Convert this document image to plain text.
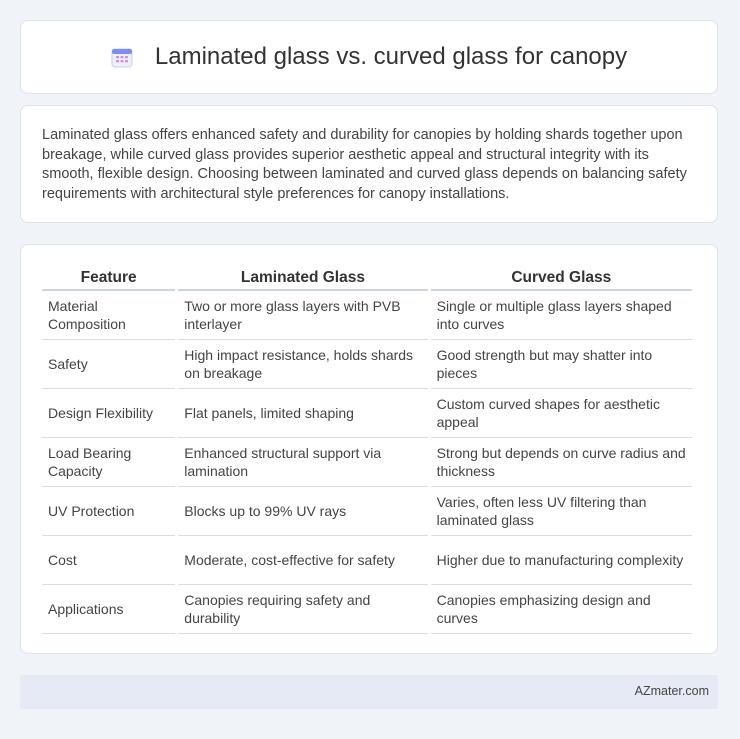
Laminated glass vs. curved glass for canopy

Laminated glass offers enhanced safety and durability for canopies by holding shards together upon breakage, while curved glass provides superior aesthetic appeal and structural integrity with its smooth, flexible design. Choosing between laminated and curved glass depends on balancing safety requirements with architectural style preferences for canopy installations.

Feature	Laminated Glass	Curved Glass
Material Composition	Two or more glass layers with PVB interlayer	Single or multiple glass layers shaped into curves
Safety	High impact resistance, holds shards on breakage	Good strength but may shatter into pieces
Design Flexibility	Flat panels, limited shaping	Custom curved shapes for aesthetic appeal
Load Bearing Capacity	Enhanced structural support via lamination	Strong but depends on curve radius and thickness
UV Protection	Blocks up to 99% UV rays	Varies, often less UV filtering than laminated glass
Cost	Moderate, cost-effective for safety	Higher due to manufacturing complexity
Applications	Canopies requiring safety and durability	Canopies emphasizing design and curves
AZmater.com
